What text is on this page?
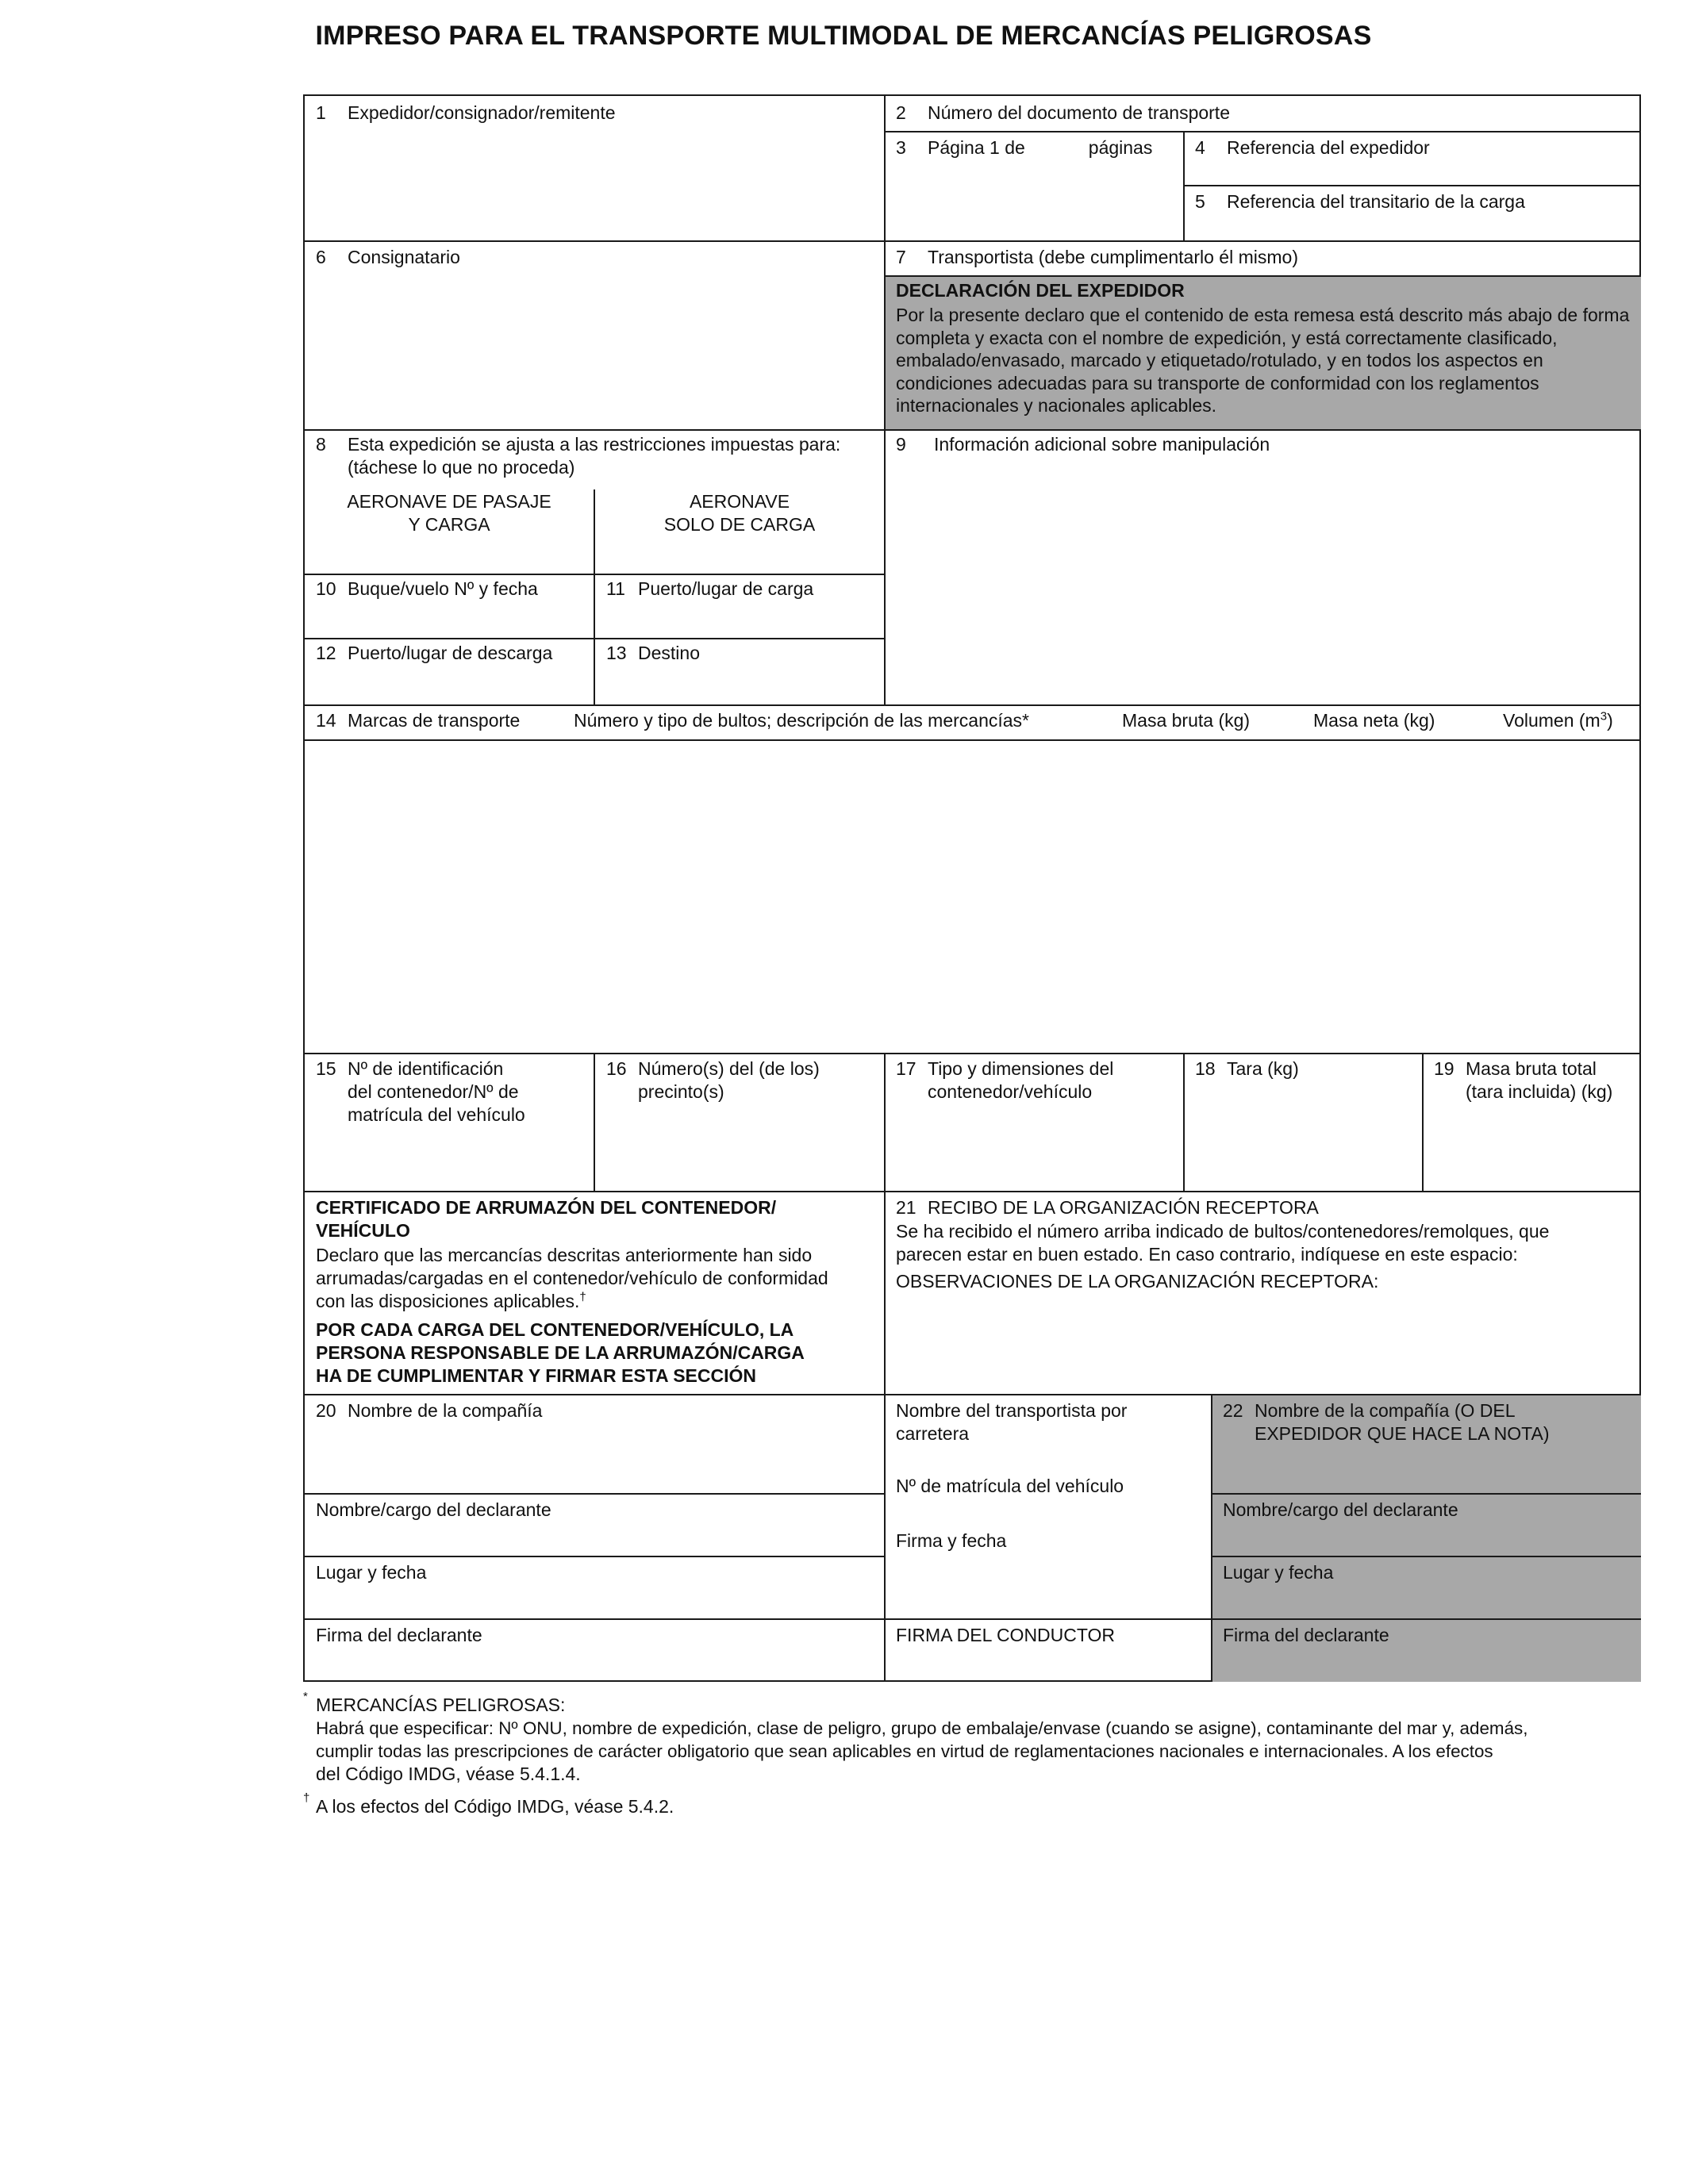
IMPRESO PARA EL TRANSPORTE MULTIMODAL DE MERCANCÍAS PELIGROSAS
1 Expedidor/consignador/remitente	2 Número del documento de transporte
3 Página 1 de	páginas 4 Referencia del expedidor
5 Referencia del transitario de la carga
6 Consignatario	7 Transportista (debe cumplimentarlo él mismo)
DECLARACIÓN DEL EXPEDIDOR
Por la presente declaro que el contenido de esta remesa está descrito más abajo de forma completa y exacta con el nombre de expedición, y está correctamente clasificado, embalado/envasado, marcado y etiquetado/rotulado, y en todos los aspectos en condiciones adecuadas para su transporte de conformidad con los reglamentos internacionales y nacionales aplicables.
8 Esta expedición se ajusta a las restricciones impuestas para:
(táchese lo que no proceda)
AERONAVE DE PASAJE
Y CARGA
AERONAVE
SOLO DE CARGA
9 Información adicional sobre manipulación
10 Buque/vuelo Nº y fecha	11 Puerto/lugar de carga
12 Puerto/lugar de descarga	13 Destino
14 Marcas de transporte	Número y tipo de bultos; descripción de las mercancías*	Masa bruta (kg)	Masa neta (kg)	Volumen $(m^3)$
15 Nº de identificación
del contenedor/Nº de
matrícula del vehículo
16 Número(s) del (de los)
precinto(s)
17 Tipo y dimensiones del
contenedor/vehículo
18 Tara (kg)	19 Masa bruta total
(tara incluida) (kg)
CERTIFICADO DE ARRUMAZÓN DEL CONTENEDOR/
VEHÍCULO
Declaro que las mercancías descritas anteriormente han sido
arrumadas/cargadas en el contenedor/vehículo de conformidad
con las disposiciones aplicables.†
POR CADA CARGA DEL CONTENEDOR/VEHÍCULO, LA
PERSONA RESPONSABLE DE LA ARRUMAZÓN/CARGA
HA DE CUMPLIMENTAR Y FIRMAR ESTA SECCIÓN
21 RECIBO DE LA ORGANIZACIÓN RECEPTORA
Se ha recibido el número arriba indicado de bultos/contenedores/remolques, que
parecen estar en buen estado. En caso contrario, indíquese en este espacio:
OBSERVACIONES DE LA ORGANIZACIÓN RECEPTORA:
20 Nombre de la compañía
Nombre/cargo del declarante
Lugar y fecha
Firma del declarante
Nombre del transportista por
carretera
Nº de matrícula del vehículo
Firma y fecha
FIRMA DEL CONDUCTOR
22 Nombre de la compañía (O DEL
EXPEDIDOR QUE HACE LA NOTA)
Nombre/cargo del declarante
Lugar y fecha
Firma del declarante
* MERCANCÍAS PELIGROSAS:
Habrá que especificar: Nº ONU, nombre de expedición, clase de peligro, grupo de embalaje/envase (cuando se asigne), contaminante del mar y, además,
cumplir todas las prescripciones de carácter obligatorio que sean aplicables en virtud de reglamentaciones nacionales e internacionales. A los efectos
del Código IMDG, véase 5.4.1.4.
† A los efectos del Código IMDG, véase 5.4.2.
